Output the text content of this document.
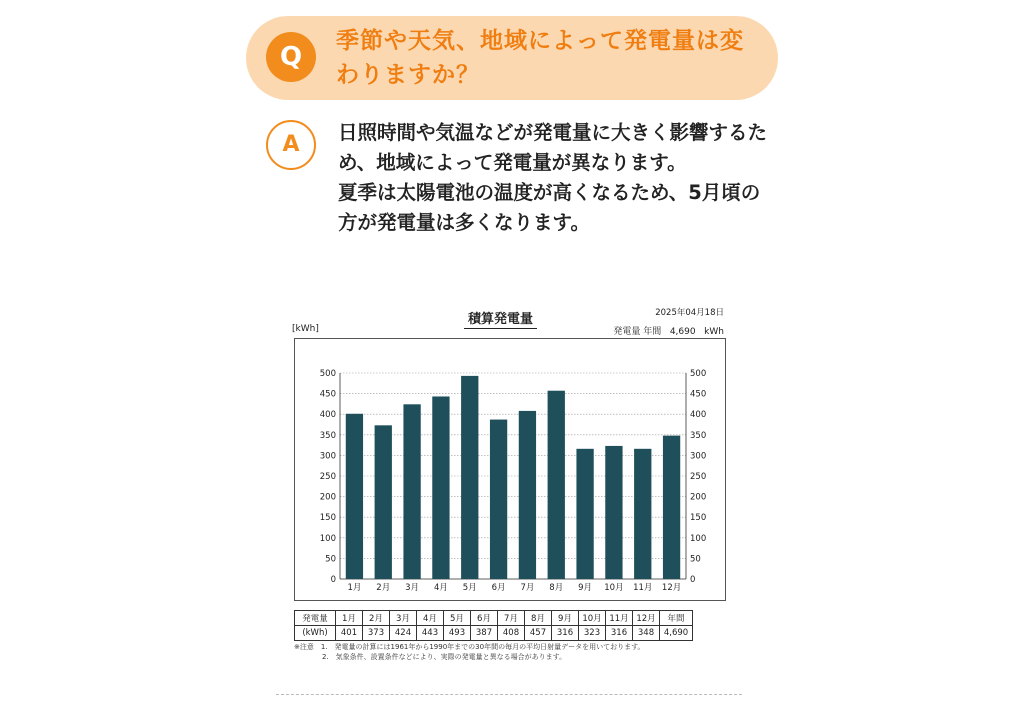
Q
季節や天気、地域によって発電量は変わりますか？
A	日照時間や気温などが発電量に大きく影響するため、地域によって発電量が異なります。
夏季は太陽電池の温度が高くなるため、5月頃の方が発電量は多くなります。
積算発電量	2025年04月18日
発電量 年間 4,690 kWh
[kWh]
0	0
50	50
100	100
150	150
200	200
250	250
300	300
350	350
400	400
450	450
500	500
1月 2月 3月 4月 5月 6月 7月 8月 9月 10月 11月 12月
発電量	1月	2月	3月	4月	5月	6月	7月	8月	9月	10月	11月	12月	年間
(kWh)	401	373	424	443	493	387	408	457	316	323	316	348	4,690
※注意　1.　発電量の計算には1961年から1990年までの30年間の毎月の平均日射量データを用いております。
　　　　2.　気象条件、設置条件などにより、実際の発電量と異なる場合があります。
